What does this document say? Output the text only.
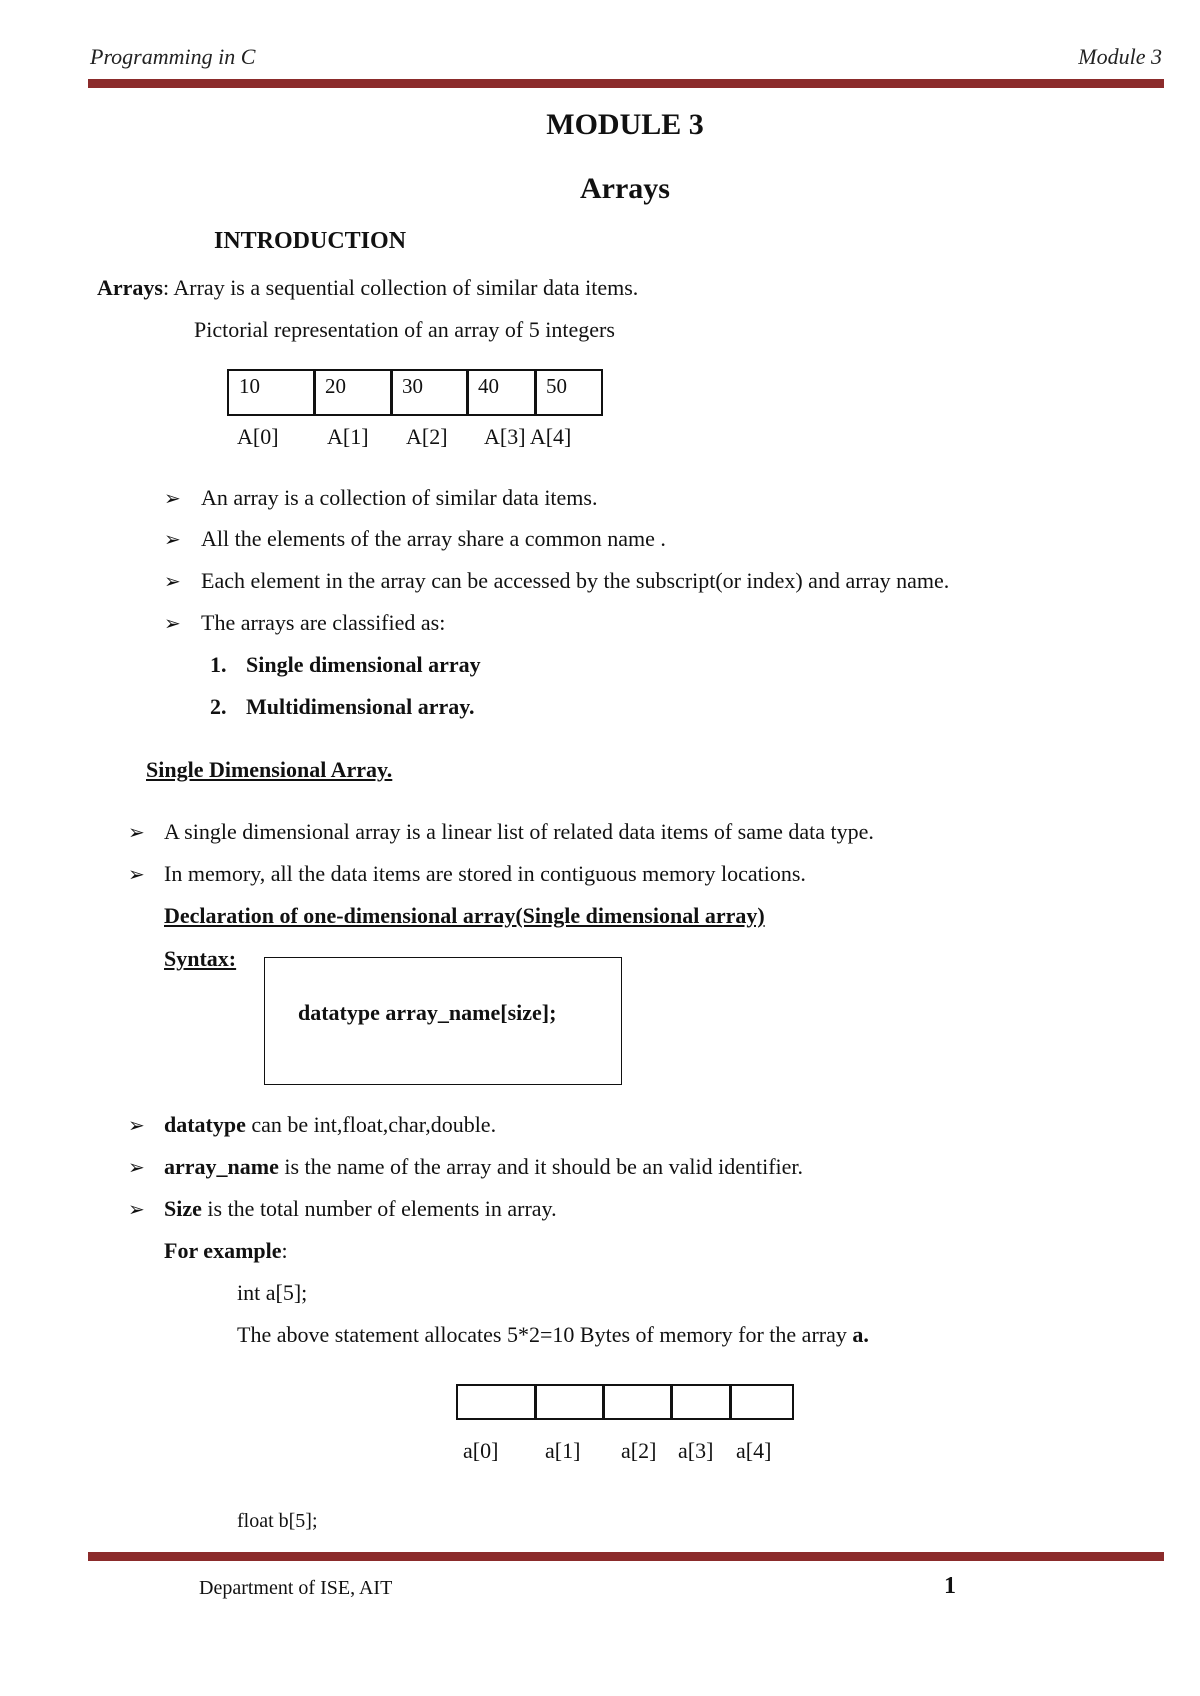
Programming in C	Module 3
MODULE 3
Arrays
INTRODUCTION
Arrays: Array is a sequential collection of similar data items.
Pictorial representation of an array of 5 integers
10	20	30	40	50
A[0] A[1] A[2] A[3] A[4]
➢ An array is a collection of similar data items.
➢ All the elements of the array share a common name .
➢ Each element in the array can be accessed by the subscript(or index) and array name.
➢ The arrays are classified as:
1. Single dimensional array
2. Multidimensional array.
Single Dimensional Array.
➢ A single dimensional array is a linear list of related data items of same data type.
➢ In memory, all the data items are stored in contiguous memory locations.
Declaration of one-dimensional array(Single dimensional array)
Syntax:
datatype array_name[size];
➢ datatype can be int,float,char,double.
➢ array_name is the name of the array and it should be an valid identifier.
➢ Size is the total number of elements in array.
For example:
int a[5];
The above statement allocates 5*2=10 Bytes of memory for the array a.
a[0] a[1] a[2] a[3] a[4]
float b[5];
Department of ISE, AIT	1
